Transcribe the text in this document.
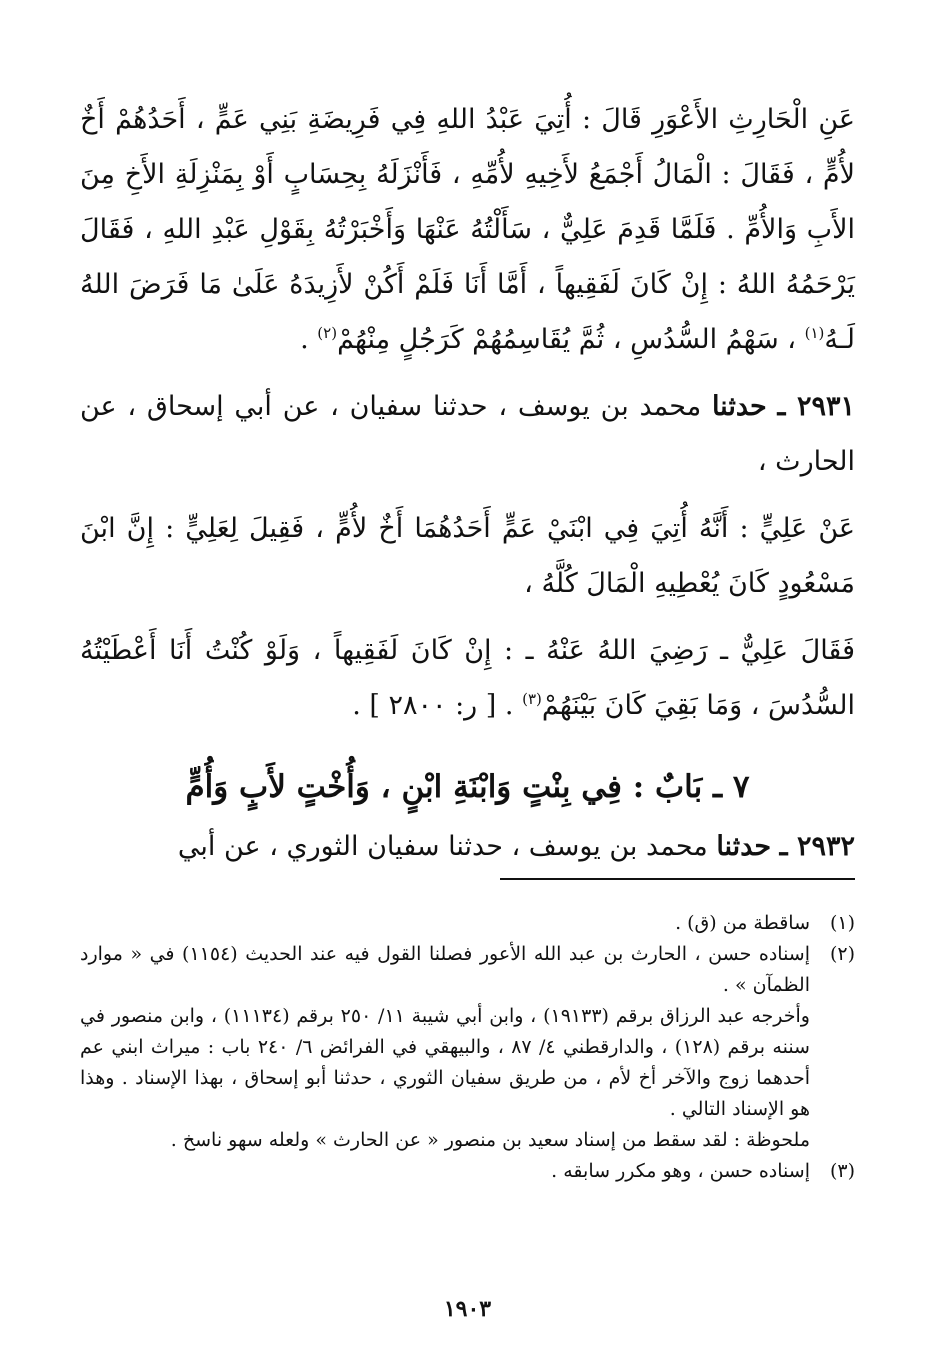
عَنِ الْحَارِثِ الأَعْوَرِ قَالَ : أُتِيَ عَبْدُ اللهِ فِي فَرِيضَةِ بَنِي عَمٍّ ، أَحَدُهُمْ أَخٌ لأُمٍّ ، فَقَالَ : الْمَالُ أَجْمَعُ لأَخِيهِ لأُمِّهِ ، فَأَنْزَلَهُ بِحِسَابٍ أَوْ بِمَنْزِلَةِ الأَخِ مِنَ الأَبِ وَالأُمِّ . فَلَمَّا قَدِمَ عَلِيٌّ ، سَأَلْتُهُ عَنْهَا وَأَخْبَرْتُهُ بِقَوْلِ عَبْدِ اللهِ ، فَقَالَ يَرْحَمُهُ اللهُ : إِنْ كَانَ لَفَقِيهاً ، أَمَّا أَنَا فَلَمْ أَكُنْ لأَزِيدَهُ عَلَىٰ مَا فَرَضَ اللهُ لَـهُ$^{(١)}$ ، سَهْمُ السُّدُسِ ، ثُمَّ يُقَاسِمُهُمْ كَرَجُلٍ مِنْهُمْ$^{(٢)}$ .

٢٩٣١ ـ حدثنا محمد بن يوسف ، حدثنا سفيان ، عن أبي إسحاق ، عن الحارث ،

عَنْ عَلِيٍّ : أَنَّهُ أُتِيَ فِي ابْنَيْ عَمٍّ أَحَدُهُمَا أَخٌ لأُمٍّ ، فَقِيلَ لِعَلِيٍّ : إِنَّ ابْنَ مَسْعُودٍ كَانَ يُعْطِيهِ الْمَالَ كُلَّهُ ،

فَقَالَ عَلِيٌّ ـ رَضِيَ اللهُ عَنْهُ ـ : إِنْ كَانَ لَفَقِيهاً ، وَلَوْ كُنْتُ أَنَا أَعْطَيْتُهُ السُّدُسَ ، وَمَا بَقِيَ كَانَ بَيْنَهُمْ$^{(٣)}$ . [ ر: ٢٨٠٠ ] .

٧ ـ بَابٌ : فِي بِنْتٍ وَابْنَةِ ابْنٍ ، وَأُخْتٍ لأَبٍ وَأُمٍّ

٢٩٣٢ ـ حدثنا محمد بن يوسف ، حدثنا سفيان الثوري ، عن أبي

(١)

ساقطة من (ق) .

(٢)

إسناده حسن ، الحارث بن عبد الله الأعور فصلنا القول فيه عند الحديث (١١٥٤) في « موارد الظمآن » .

وأخرجه عبد الرزاق برقم (١٩١٣٣) ، وابن أبي شيبة ١١/ ٢٥٠ برقم (١١١٣٤) ، وابن منصور في سننه برقم (١٢٨) ، والدارقطني ٤/ ٨٧ ، والبيهقي في الفرائض ٦/ ٢٤٠ باب : ميراث ابني عم أحدهما زوج والآخر أخ لأم ، من طريق سفيان الثوري ، حدثنا أبو إسحاق ، بهذا الإسناد . وهذا هو الإسناد التالي .

ملحوظة : لقد سقط من إسناد سعيد بن منصور « عن الحارث » ولعله سهو ناسخ .

(٣)

إسناده حسن ، وهو مكرر سابقه .

١٩٠٣
